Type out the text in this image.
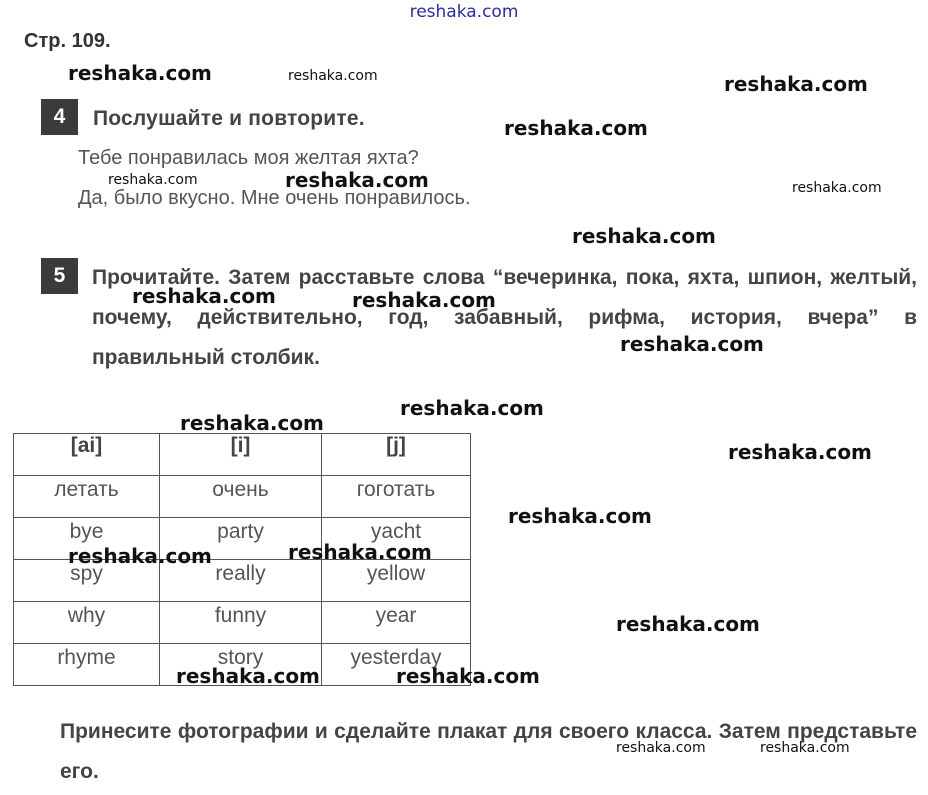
reshaka.com
Стр. 109.
4	Послушайте и повторите.
Тебе понравилась моя желтая яхта?
Да, было вкусно. Мне очень понравилось.
5	Прочитайте. Затем расставьте слова “вечеринка, пока, яхта, шпион, желтый, почему, действительно, год, забавный, рифма, история, вчера” в правильный столбик.
[ai]	[i]	[j]
летать	очень	гоготать
bye	party	yacht
spy	really	yellow
why	funny	year
rhyme	story	yesterday
Принесите фотографии и сделайте плакат для своего класса. Затем представьте его.
reshaka.com	reshaka.com	reshaka.com
reshaka.com
reshaka.com	reshaka.com	reshaka.com
reshaka.com
reshaka.com	reshaka.com
reshaka.com
reshaka.com
reshaka.com
reshaka.com
reshaka.com
reshaka.com	reshaka.com
reshaka.com
reshaka.com	reshaka.com
reshaka.com	reshaka.com
